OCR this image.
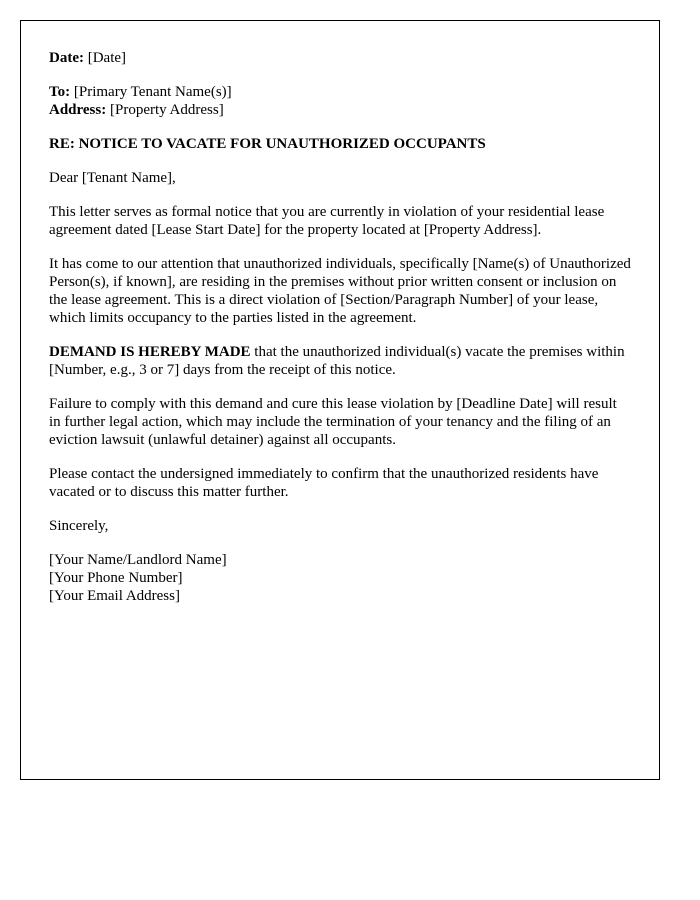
Date: [Date]
To: [Primary Tenant Name(s)]
Address: [Property Address]
RE: NOTICE TO VACATE FOR UNAUTHORIZED OCCUPANTS
Dear [Tenant Name],
This letter serves as formal notice that you are currently in violation of your residential lease agreement dated [Lease Start Date] for the property located at [Property Address].
It has come to our attention that unauthorized individuals, specifically [Name(s) of Unauthorized Person(s), if known], are residing in the premises without prior written consent or inclusion on the lease agreement. This is a direct violation of [Section/Paragraph Number] of your lease, which limits occupancy to the parties listed in the agreement.
DEMAND IS HEREBY MADE that the unauthorized individual(s) vacate the premises within [Number, e.g., 3 or 7] days from the receipt of this notice.
Failure to comply with this demand and cure this lease violation by [Deadline Date] will result in further legal action, which may include the termination of your tenancy and the filing of an eviction lawsuit (unlawful detainer) against all occupants.
Please contact the undersigned immediately to confirm that the unauthorized residents have vacated or to discuss this matter further.
Sincerely,
[Your Name/Landlord Name]
[Your Phone Number]
[Your Email Address]
